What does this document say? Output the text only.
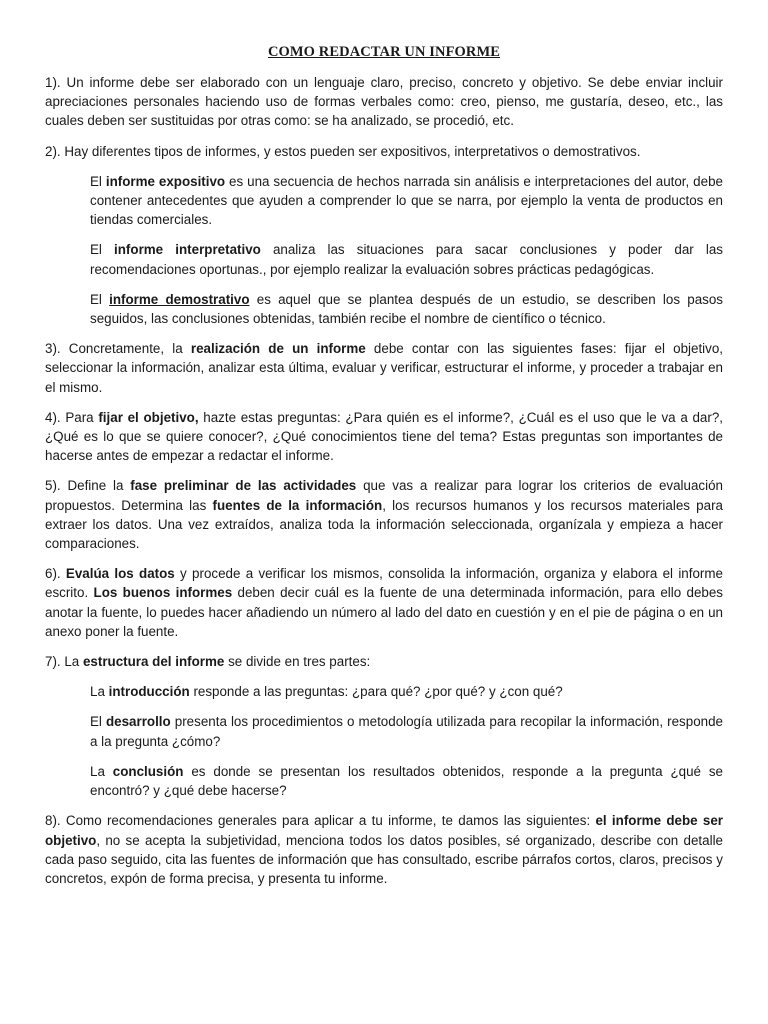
COMO REDACTAR UN INFORME

1). Un informe debe ser elaborado con un lenguaje claro, preciso, concreto y objetivo. Se debe enviar incluir apreciaciones personales haciendo uso de formas verbales como: creo, pienso, me gustaría, deseo, etc., las cuales deben ser sustituidas por otras como: se ha analizado, se procedió, etc.

2). Hay diferentes tipos de informes, y estos pueden ser expositivos, interpretativos o demostrativos.

El informe expositivo es una secuencia de hechos narrada sin análisis e interpretaciones del autor, debe contener antecedentes que ayuden a comprender lo que se narra, por ejemplo la venta de productos en tiendas comerciales.

El informe interpretativo analiza las situaciones para sacar conclusiones y poder dar las recomendaciones oportunas., por ejemplo realizar la evaluación sobres prácticas pedagógicas.

El informe demostrativo es aquel que se plantea después de un estudio, se describen los pasos seguidos, las conclusiones obtenidas, también recibe el nombre de científico o técnico.

3). Concretamente, la realización de un informe debe contar con las siguientes fases: fijar el objetivo, seleccionar la información, analizar esta última, evaluar y verificar, estructurar el informe, y proceder a trabajar en el mismo.

4). Para fijar el objetivo, hazte estas preguntas: ¿Para quién es el informe?, ¿Cuál es el uso que le va a dar?, ¿Qué es lo que se quiere conocer?, ¿Qué conocimientos tiene del tema? Estas preguntas son importantes de hacerse antes de empezar a redactar el informe.

5). Define la fase preliminar de las actividades que vas a realizar para lograr los criterios de evaluación propuestos. Determina las fuentes de la información, los recursos humanos y los recursos materiales para extraer los datos. Una vez extraídos, analiza toda la información seleccionada, organízala y empieza a hacer comparaciones.

6). Evalúa los datos y procede a verificar los mismos, consolida la información, organiza y elabora el informe escrito. Los buenos informes deben decir cuál es la fuente de una determinada información, para ello debes anotar la fuente, lo puedes hacer añadiendo un número al lado del dato en cuestión y en el pie de página o en un anexo poner la fuente.

7). La estructura del informe se divide en tres partes:

La introducción responde a las preguntas: ¿para qué? ¿por qué? y ¿con qué?

El desarrollo presenta los procedimientos o metodología utilizada para recopilar la información, responde a la pregunta ¿cómo?

La conclusión es donde se presentan los resultados obtenidos, responde a la pregunta ¿qué se encontró? y ¿qué debe hacerse?

8). Como recomendaciones generales para aplicar a tu informe, te damos las siguientes: el informe debe ser objetivo, no se acepta la subjetividad, menciona todos los datos posibles, sé organizado, describe con detalle cada paso seguido, cita las fuentes de información que has consultado, escribe párrafos cortos, claros, precisos y concretos, expón de forma precisa, y presenta tu informe.
